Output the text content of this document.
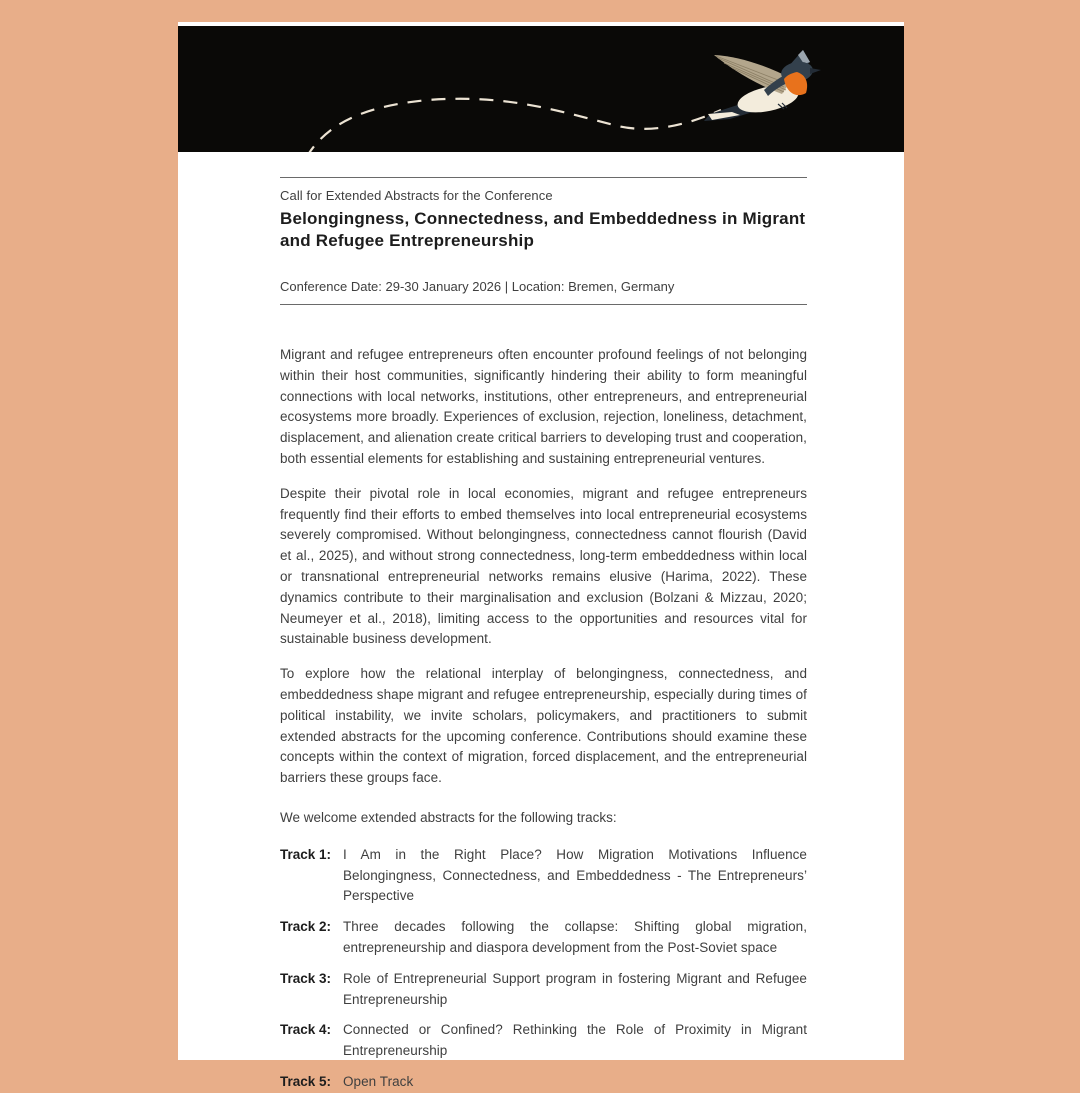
Call for Extended Abstracts for the Conference
Belongingness, Connectedness, and Embeddedness in Migrant and Refugee Entrepreneurship
Conference Date: 29-30 January 2026 | Location: Bremen, Germany

Migrant and refugee entrepreneurs often encounter profound feelings of not belonging within their host communities, significantly hindering their ability to form meaningful connections with local networks, institutions, other entrepreneurs, and entrepreneurial ecosystems more broadly. Experiences of exclusion, rejection, loneliness, detachment, displacement, and alienation create critical barriers to developing trust and cooperation, both essential elements for establishing and sustaining entrepreneurial ventures.

Despite their pivotal role in local economies, migrant and refugee entrepreneurs frequently find their efforts to embed themselves into local entrepreneurial ecosystems severely compromised. Without belongingness, connectedness cannot flourish (David et al., 2025), and without strong connectedness, long-term embeddedness within local or transnational entrepreneurial networks remains elusive (Harima, 2022). These dynamics contribute to their marginalisation and exclusion (Bolzani & Mizzau, 2020; Neumeyer et al., 2018), limiting access to the opportunities and resources vital for sustainable business development.

To explore how the relational interplay of belongingness, connectedness, and embeddedness shape migrant and refugee entrepreneurship, especially during times of political instability, we invite scholars, policymakers, and practitioners to submit extended abstracts for the upcoming conference. Contributions should examine these concepts within the context of migration, forced displacement, and the entrepreneurial barriers these groups face.

We welcome extended abstracts for the following tracks:

Track 1: I Am in the Right Place? How Migration Motivations Influence Belongingness, Connectedness, and Embeddedness - The Entrepreneurs’ Perspective
Track 2: Three decades following the collapse: Shifting global migration, entrepreneurship and diaspora development from the Post-Soviet space
Track 3: Role of Entrepreneurial Support program in fostering Migrant and Refugee Entrepreneurship
Track 4: Connected or Confined? Rethinking the Role of Proximity in Migrant Entrepreneurship
Track 5: Open Track
